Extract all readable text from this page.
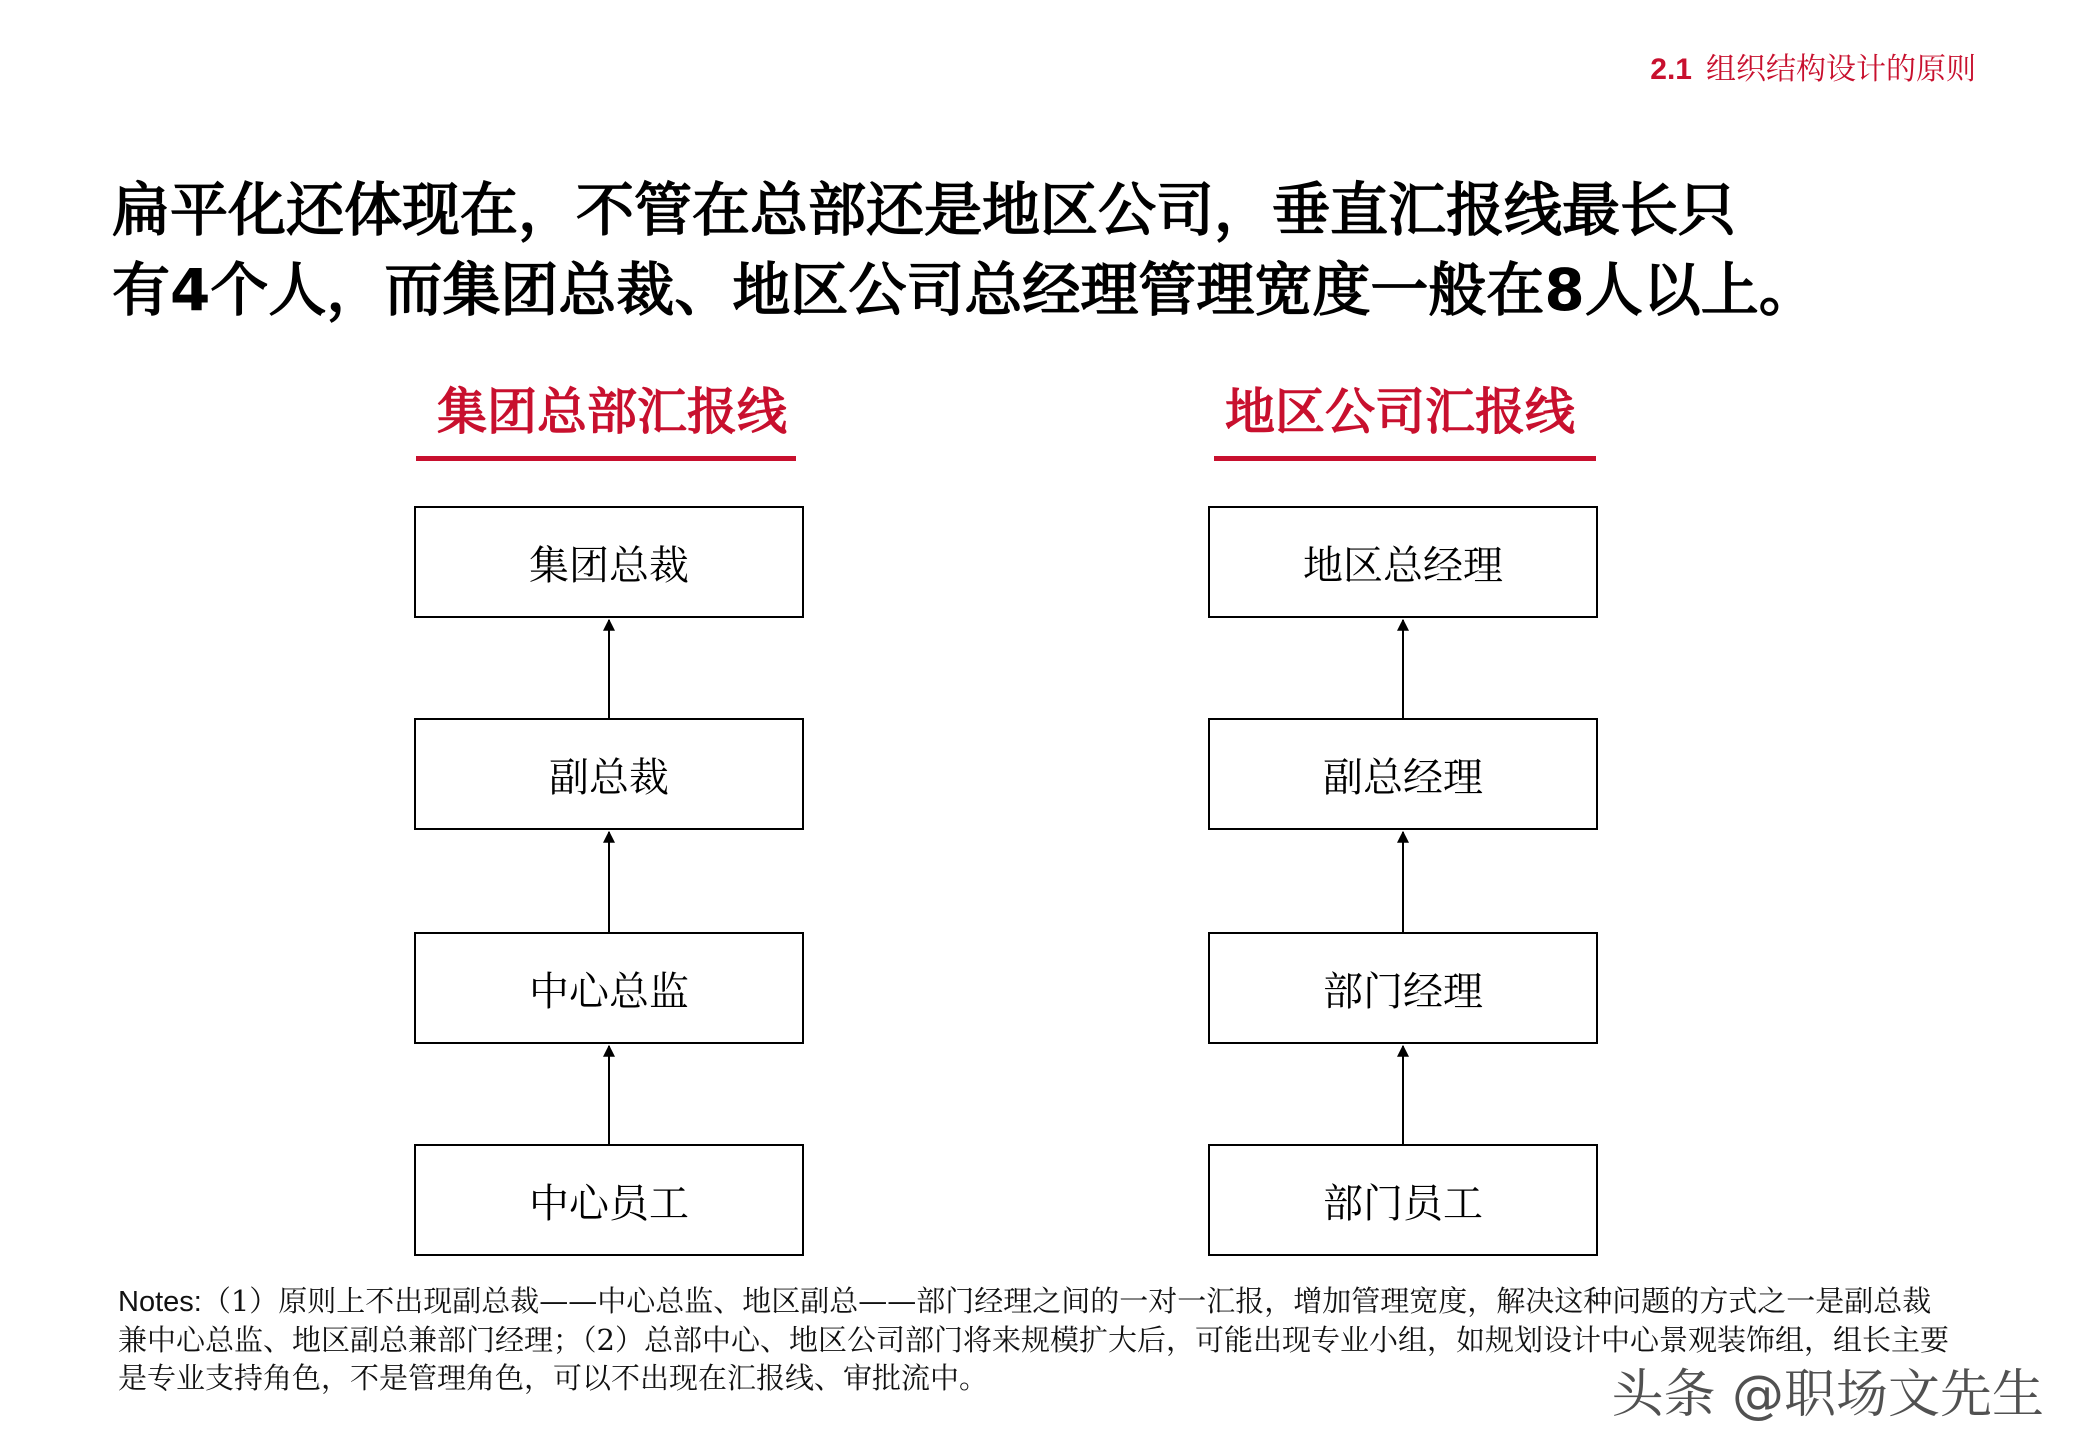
2.1 组织结构设计的原则
扁平化还体现在，不管在总部还是地区公司，垂直汇报线最长只
有4个人，而集团总裁、地区公司总经理管理宽度一般在8人以上。
集团总部汇报线
集团总裁
副总裁
中心总监
中心员工
地区公司汇报线
地区总经理
副总经理
部门经理
部门员工
Notes:（1）原则上不出现副总裁——中心总监、地区副总——部门经理之间的一对一汇报，增加管理宽度，解决这种问题的方式之一是副总裁兼中心总监、地区副总兼部门经理；（2）总部中心、地区公司部门将来规模扩大后，可能出现专业小组，如规划设计中心景观装饰组，组长主要是专业支持角色，不是管理角色，可以不出现在汇报线、审批流中。	头条 @职场文先生
